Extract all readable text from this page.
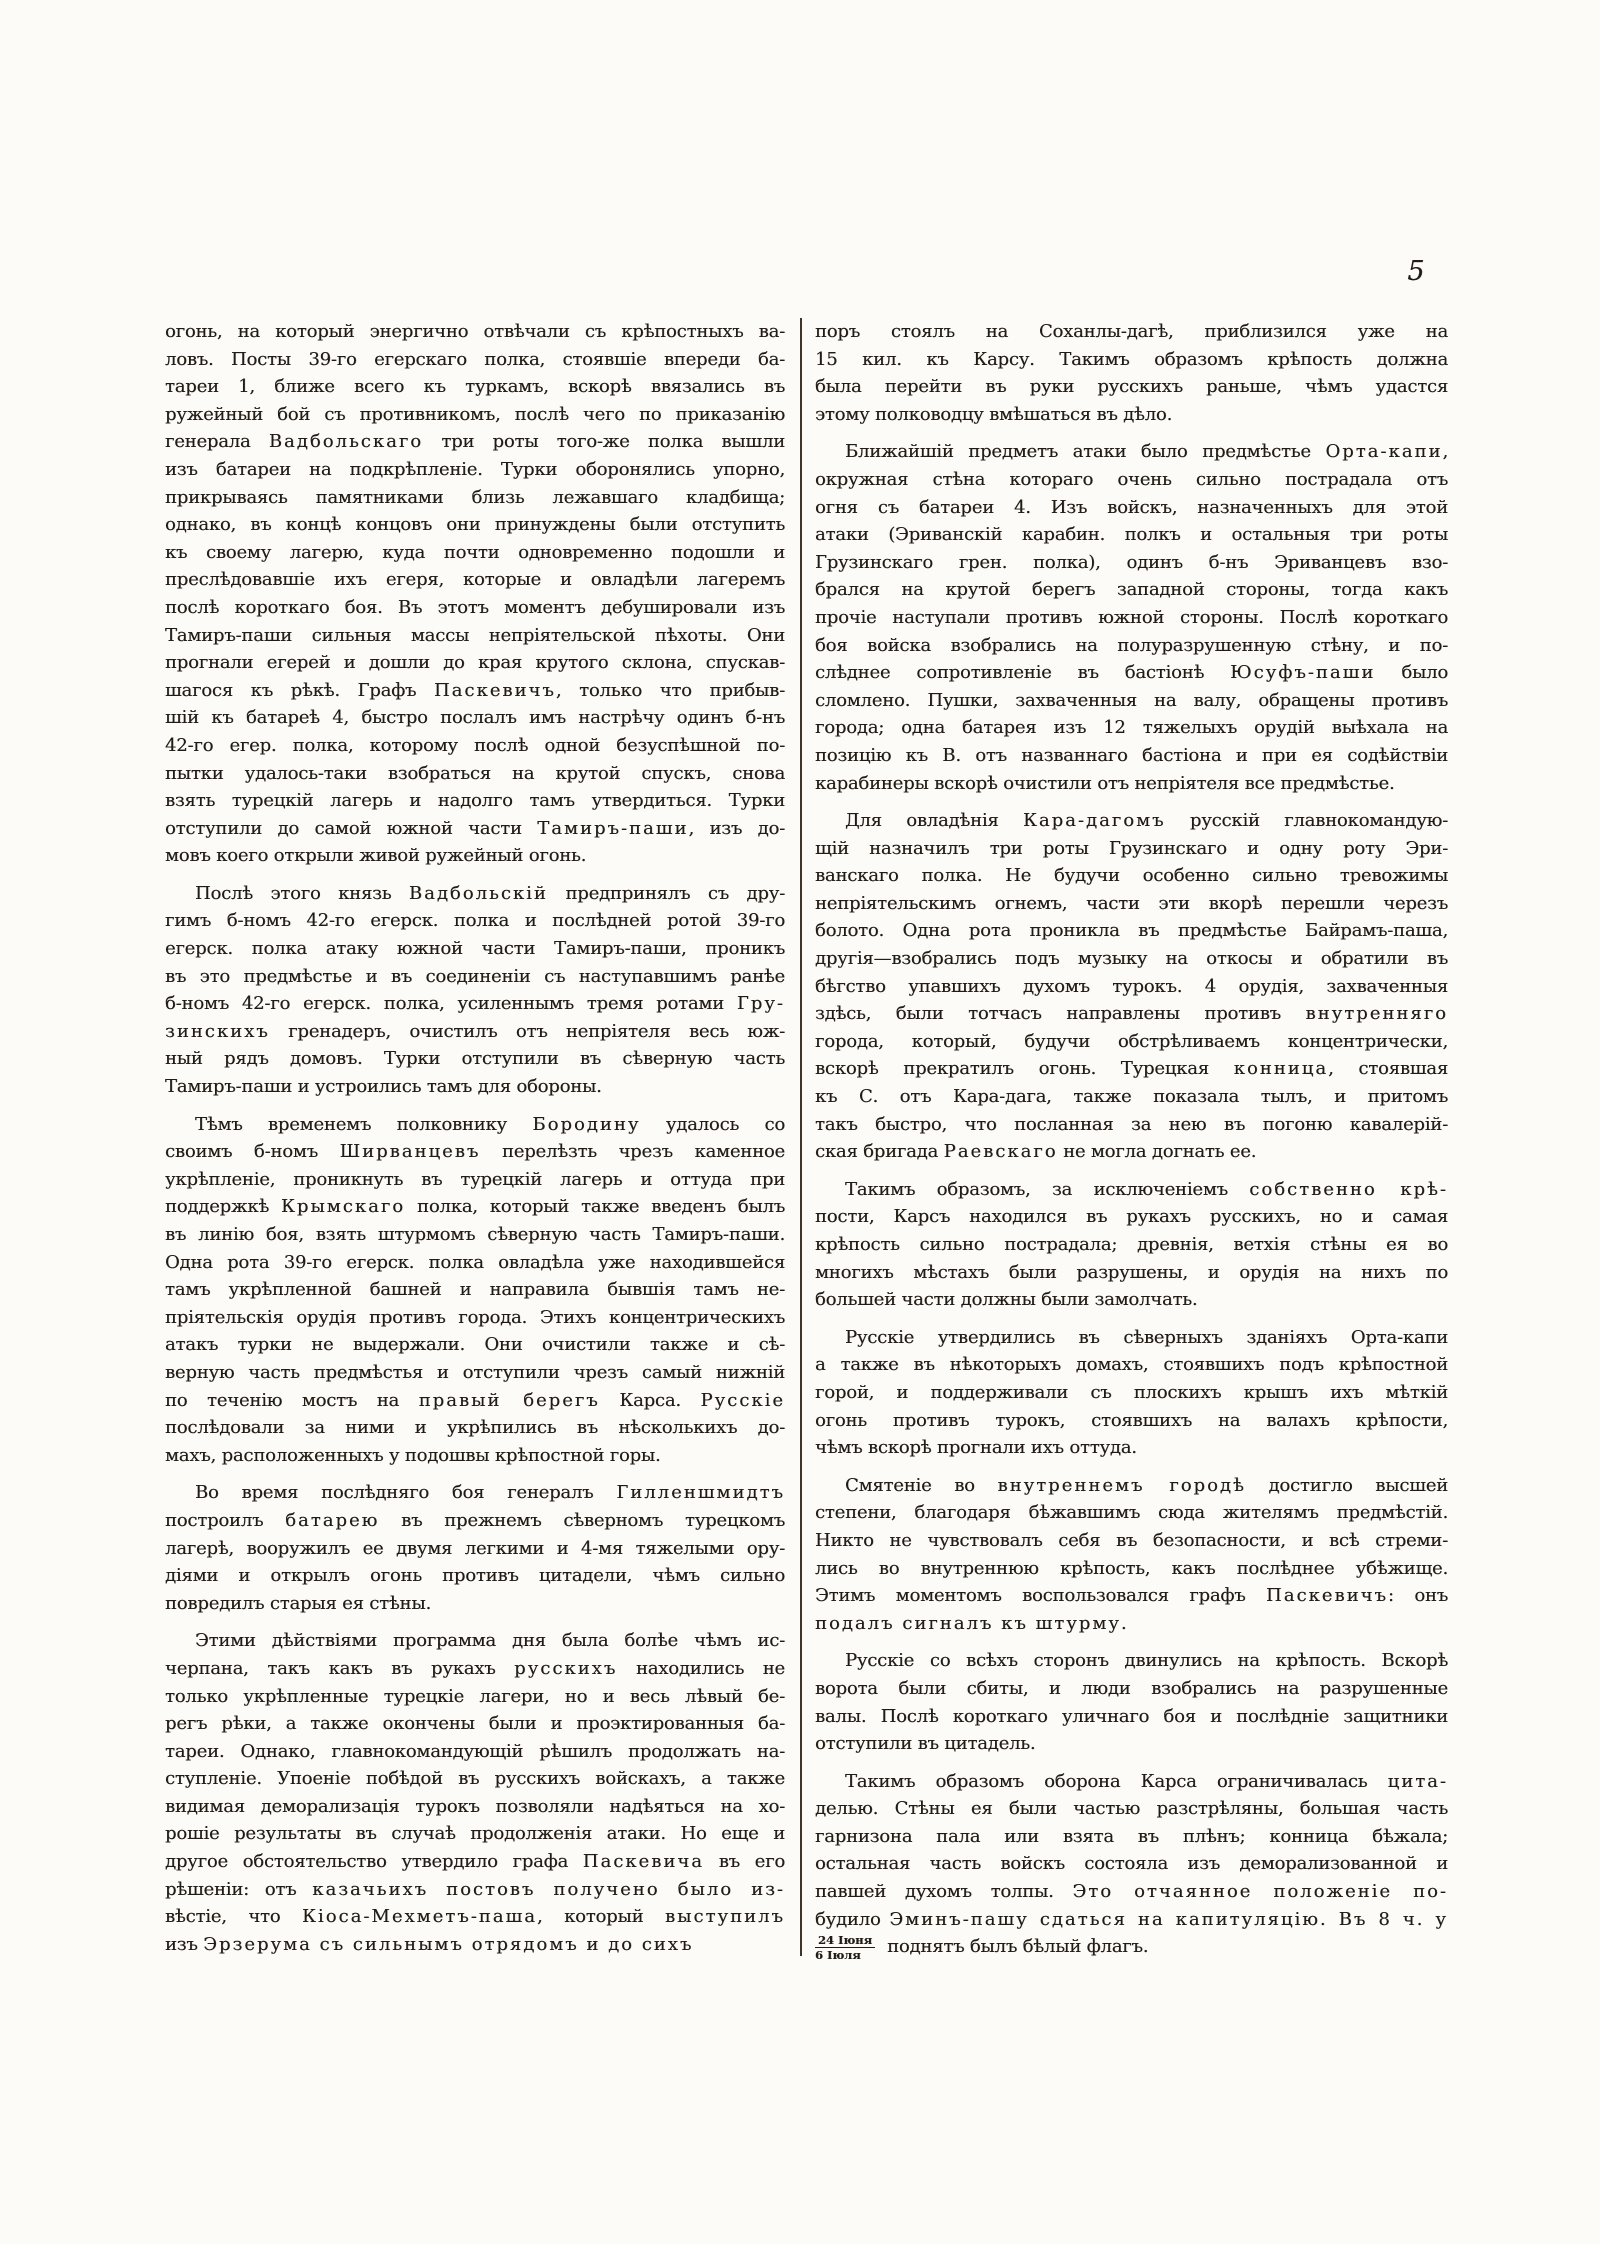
5
огонь, на который энергично отвѣчали съ крѣпостныхъ ва-
ловъ. Посты 39-го егерскаго полка, стоявшіе впереди ба-
тареи 1, ближе всего къ туркамъ, вскорѣ ввязались въ
ружейный бой съ противникомъ, послѣ чего по приказанію
генерала Вадбольскаго три роты того-же полка вышли
изъ батареи на подкрѣпленіе. Турки оборонялись упорно,
прикрываясь памятниками близь лежавшаго кладбища;
однако, въ концѣ концовъ они принуждены были отступить
къ своему лагерю, куда почти одновременно подошли и
преслѣдовавшіе ихъ егеря, которые и овладѣли лагеремъ
послѣ короткаго боя. Въ этотъ моментъ дебушировали изъ
Тамиръ-паши сильныя массы непріятельской пѣхоты. Они
прогнали егерей и дошли до края крутого склона, спускав-
шагося къ рѣкѣ. Графъ Паскевичъ, только что прибыв-
шій къ батареѣ 4, быстро послалъ имъ настрѣчу одинъ б-нъ
42-го егер. полка, которому послѣ одной безуспѣшной по-
пытки удалось-таки взобраться на крутой спускъ, снова
взять турецкій лагерь и надолго тамъ утвердиться. Турки
отступили до самой южной части Тамиръ-паши, изъ до-
мовъ коего открыли живой ружейный огонь.
Послѣ этого князь Вадбольскій предпринялъ съ дру-
гимъ б-номъ 42-го егерск. полка и послѣдней ротой 39-го
егерск. полка атаку южной части Тамиръ-паши, проникъ
въ это предмѣстье и въ соединеніи съ наступавшимъ ранѣе
б-номъ 42-го егерск. полка, усиленнымъ тремя ротами Гру-
зинскихъ гренадеръ, очистилъ отъ непріятеля весь юж-
ный рядъ домовъ. Турки отступили въ сѣверную часть
Тамиръ-паши и устроились тамъ для обороны.
Тѣмъ временемъ полковнику Бородину удалось со
своимъ б-номъ Ширванцевъ перелѣзть чрезъ каменное
укрѣпленіе, проникнуть въ турецкій лагерь и оттуда при
поддержкѣ Крымскаго полка, который также введенъ былъ
въ линію боя, взять штурмомъ сѣверную часть Тамиръ-паши.
Одна рота 39-го егерск. полка овладѣла уже находившейся
тамъ укрѣпленной башней и направила бывшія тамъ не-
пріятельскія орудія противъ города. Этихъ концентрическихъ
атакъ турки не выдержали. Они очистили также и сѣ-
верную часть предмѣстья и отступили чрезъ самый нижній
по теченію мостъ на правый берегъ Карса. Русскіе
послѣдовали за ними и укрѣпились въ нѣсколькихъ до-
махъ, расположенныхъ у подошвы крѣпостной горы.
Во время послѣдняго боя генералъ Гилленшмидтъ
построилъ батарею въ прежнемъ сѣверномъ турецкомъ
лагерѣ, вооружилъ ее двумя легкими и 4-мя тяжелыми ору-
діями и открылъ огонь противъ цитадели, чѣмъ сильно
повредилъ старыя ея стѣны.
Этими дѣйствіями программа дня была болѣе чѣмъ ис-
черпана, такъ какъ въ рукахъ русскихъ находились не
только укрѣпленные турецкіе лагери, но и весь лѣвый бе-
регъ рѣки, а также окончены были и проэктированныя ба-
тареи. Однако, главнокомандующій рѣшилъ продолжать на-
ступленіе. Упоеніе побѣдой въ русскихъ войскахъ, а также
видимая деморализація турокъ позволяли надѣяться на хо-
рошіе результаты въ случаѣ продолженія атаки. Но еще и
другое обстоятельство утвердило графа Паскевича въ его
рѣшеніи: отъ казачьихъ постовъ получено было из-
вѣстіе, что Кіоса-Мехметъ-паша, который выступилъ
изъ Эрзерума съ сильнымъ отрядомъ и до сихъ
поръ стоялъ на Соханлы-дагѣ, приблизился уже на
15 кил. къ Карсу. Такимъ образомъ крѣпость должна
была перейти въ руки русскихъ раньше, чѣмъ удастся
этому полководцу вмѣшаться въ дѣло.
Ближайшій предметъ атаки было предмѣстье Орта-капи,
окружная стѣна котораго очень сильно пострадала отъ
огня съ батареи 4. Изъ войскъ, назначенныхъ для этой
атаки (Эриванскій карабин. полкъ и остальныя три роты
Грузинскаго грен. полка), одинъ б-нъ Эриванцевъ взо-
брался на крутой берегъ западной стороны, тогда какъ
прочіе наступали противъ южной стороны. Послѣ короткаго
боя войска взобрались на полуразрушенную стѣну, и по-
слѣднее сопротивленіе въ бастіонѣ Юсуфъ-паши было
сломлено. Пушки, захваченныя на валу, обращены противъ
города; одна батарея изъ 12 тяжелыхъ орудій выѣхала на
позицію къ В. отъ названнаго бастіона и при ея содѣйствіи
карабинеры вскорѣ очистили отъ непріятеля все предмѣстье.
Для овладѣнія Кара-дагомъ русскій главнокомандую-
щій назначилъ три роты Грузинскаго и одну роту Эри-
ванскаго полка. Не будучи особенно сильно тревожимы
непріятельскимъ огнемъ, части эти вкорѣ перешли черезъ
болото. Одна рота проникла въ предмѣстье Байрамъ-паша,
другія—взобрались подъ музыку на откосы и обратили въ
бѣгство упавшихъ духомъ турокъ. 4 орудія, захваченныя
здѣсь, были тотчасъ направлены противъ внутренняго
города, который, будучи обстрѣливаемъ концентрически,
вскорѣ прекратилъ огонь. Турецкая конница, стоявшая
къ С. отъ Кара-дага, также показала тылъ, и притомъ
такъ быстро, что посланная за нею въ погоню кавалерій-
ская бригада Раевскаго не могла догнать ее.
Такимъ образомъ, за исключеніемъ собственно крѣ-
пости, Карсъ находился въ рукахъ русскихъ, но и самая
крѣпость сильно пострадала; древнія, ветхія стѣны ея во
многихъ мѣстахъ были разрушены, и орудія на нихъ по
большей части должны были замолчать.
Русскіе утвердились въ сѣверныхъ зданіяхъ Орта-капи
а также въ нѣкоторыхъ домахъ, стоявшихъ подъ крѣпостной
горой, и поддерживали съ плоскихъ крышъ ихъ мѣткій
огонь противъ турокъ, стоявшихъ на валахъ крѣпости,
чѣмъ вскорѣ прогнали ихъ оттуда.
Смятеніе во внутреннемъ городѣ достигло высшей
степени, благодаря бѣжавшимъ сюда жителямъ предмѣстій.
Никто не чувствовалъ себя въ безопасности, и всѣ стреми-
лись во внутреннюю крѣпость, какъ послѣднее убѣжище.
Этимъ моментомъ воспользовался графъ Паскевичъ: онъ
подалъ сигналъ къ штурму.
Русскіе со всѣхъ сторонъ двинулись на крѣпость. Вскорѣ
ворота были сбиты, и люди взобрались на разрушенные
валы. Послѣ короткаго уличнаго боя и послѣдніе защитники
отступили въ цитадель.
Такимъ образомъ оборона Карса ограничивалась цита-
делью. Стѣны ея были частью разстрѣляны, большая часть
гарнизона пала или взята въ плѣнъ; конница бѣжала;
остальная часть войскъ состояла изъ деморализованной и
павшей духомъ толпы. Это отчаянное положеніе по-
будило Эминъ-пашу сдаться на капитуляцію. Въ 8 ч. у
24 Іюня
6 Іюля	поднятъ былъ бѣлый флагъ.
